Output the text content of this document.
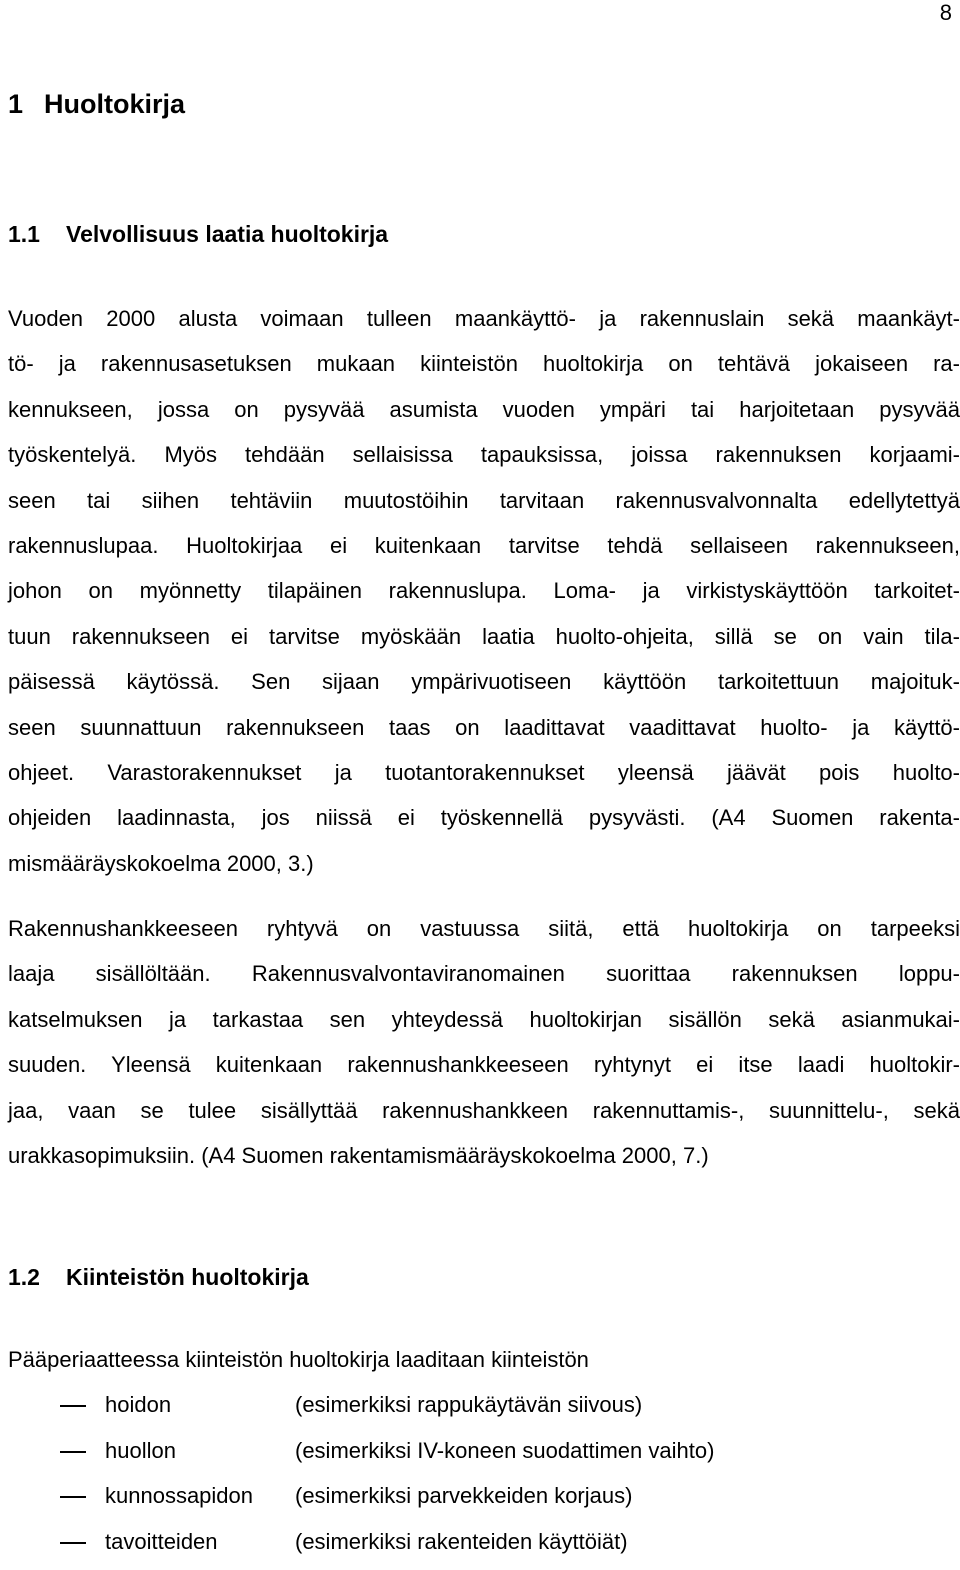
8
1 Huoltokirja
1.1 Velvollisuus laatia huoltokirja
Vuoden 2000 alusta voimaan tulleen maankäyttö- ja rakennuslain sekä maankäyt-
tö- ja rakennusasetuksen mukaan kiinteistön huoltokirja on tehtävä jokaiseen ra-
kennukseen, jossa on pysyvää asumista vuoden ympäri tai harjoitetaan pysyvää
työskentelyä. Myös tehdään sellaisissa tapauksissa, joissa rakennuksen korjaami-
seen tai siihen tehtäviin muutostöihin tarvitaan rakennusvalvonnalta edellytettyä
rakennuslupaa. Huoltokirjaa ei kuitenkaan tarvitse tehdä sellaiseen rakennukseen,
johon on myönnetty tilapäinen rakennuslupa. Loma- ja virkistyskäyttöön tarkoitet-
tuun rakennukseen ei tarvitse myöskään laatia huolto-ohjeita, sillä se on vain tila-
päisessä käytössä. Sen sijaan ympärivuotiseen käyttöön tarkoitettuun majoituk-
seen suunnattuun rakennukseen taas on laadittavat vaadittavat huolto- ja käyttö-
ohjeet. Varastorakennukset ja tuotantorakennukset yleensä jäävät pois huolto-
ohjeiden laadinnasta, jos niissä ei työskennellä pysyvästi. (A4 Suomen rakenta-
mismääräyskokoelma 2000, 3.)
Rakennushankkeeseen ryhtyvä on vastuussa siitä, että huoltokirja on tarpeeksi
laaja sisällöltään. Rakennusvalvontaviranomainen suorittaa rakennuksen loppu-
katselmuksen ja tarkastaa sen yhteydessä huoltokirjan sisällön sekä asianmukai-
suuden. Yleensä kuitenkaan rakennushankkeeseen ryhtynyt ei itse laadi huoltokir-
jaa, vaan se tulee sisällyttää rakennushankkeen rakennuttamis-, suunnittelu-, sekä
urakkasopimuksiin. (A4 Suomen rakentamismääräyskokoelma 2000, 7.)
1.2 Kiinteistön huoltokirja
Pääperiaatteessa kiinteistön huoltokirja laaditaan kiinteistön
hoidon	(esimerkiksi rappukäytävän siivous)
huollon	(esimerkiksi IV-koneen suodattimen vaihto)
kunnossapidon (esimerkiksi parvekkeiden korjaus)
tavoitteiden	(esimerkiksi rakenteiden käyttöiät)
